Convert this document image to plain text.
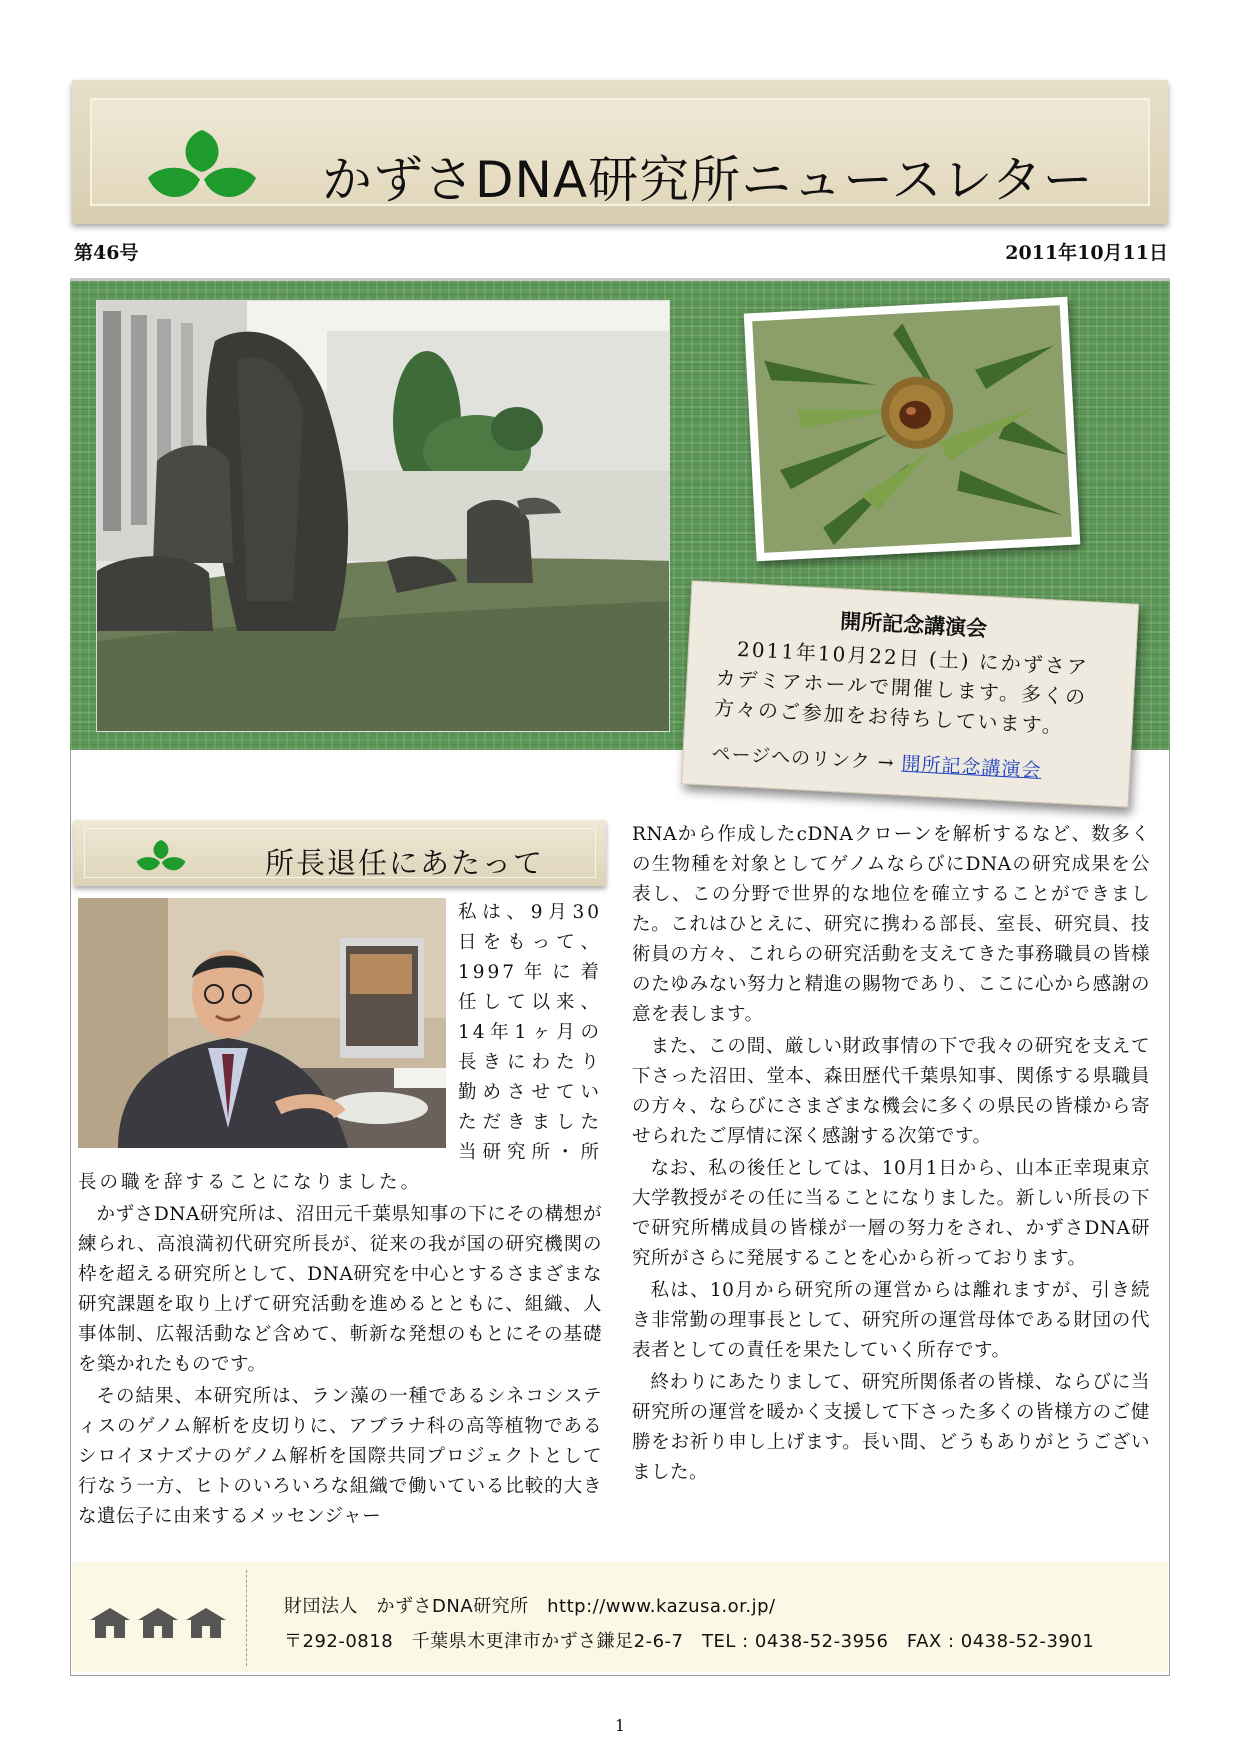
かずさDNA研究所ニュースレター
第46号	2011年10月11日
開所記念講演会
2011年10月22日 (土) にかずさアカデミアホールで開催します。多くの方々のご参加をお待ちしています。
ページへのリンク → 開所記念講演会
所長退任にあたって

私は、9月30日をもって、1997年に着任して以来、14年1ヶ月の長きにわたり勤めさせていただきました当研究所・所長の職を辞することになりました。

かずさDNA研究所は、沼田元千葉県知事の下にその構想が練られ、高浪満初代研究所長が、従来の我が国の研究機関の枠を超える研究所として、DNA研究を中心とするさまざまな研究課題を取り上げて研究活動を進めるとともに、組織、人事体制、広報活動など含めて、斬新な発想のもとにその基礎を築かれたものです。

その結果、本研究所は、ラン藻の一種であるシネコシスティスのゲノム解析を皮切りに、アブラナ科の高等植物であるシロイヌナズナのゲノム解析を国際共同プロジェクトとして行なう一方、ヒトのいろいろな組織で働いている比較的大きな遺伝子に由来するメッセンジャー

RNAから作成したcDNAクローンを解析するなど、数多くの生物種を対象としてゲノムならびにDNAの研究成果を公表し、この分野で世界的な地位を確立することができました。これはひとえに、研究に携わる部長、室長、研究員、技術員の方々、これらの研究活動を支えてきた事務職員の皆様のたゆみない努力と精進の賜物であり、ここに心から感謝の意を表します。

また、この間、厳しい財政事情の下で我々の研究を支えて下さった沼田、堂本、森田歴代千葉県知事、関係する県職員の方々、ならびにさまざまな機会に多くの県民の皆様から寄せられたご厚情に深く感謝する次第です。

なお、私の後任としては、10月1日から、山本正幸現東京大学教授がその任に当ることになりました。新しい所長の下で研究所構成員の皆様が一層の努力をされ、かずさDNA研究所がさらに発展することを心から祈っております。

私は、10月から研究所の運営からは離れますが、引き続き非常勤の理事長として、研究所の運営母体である財団の代表者としての責任を果たしていく所存です。

終わりにあたりまして、研究所関係者の皆様、ならびに当研究所の運営を暖かく支援して下さった多くの皆様方のご健勝をお祈り申し上げます。長い間、どうもありがとうございました。

財団法人　かずさDNA研究所　http://www.kazusa.or.jp/
〒292-0818　千葉県木更津市かずさ鎌足2-6-7　TEL : 0438-52-3956　FAX : 0438-52-3901
1
